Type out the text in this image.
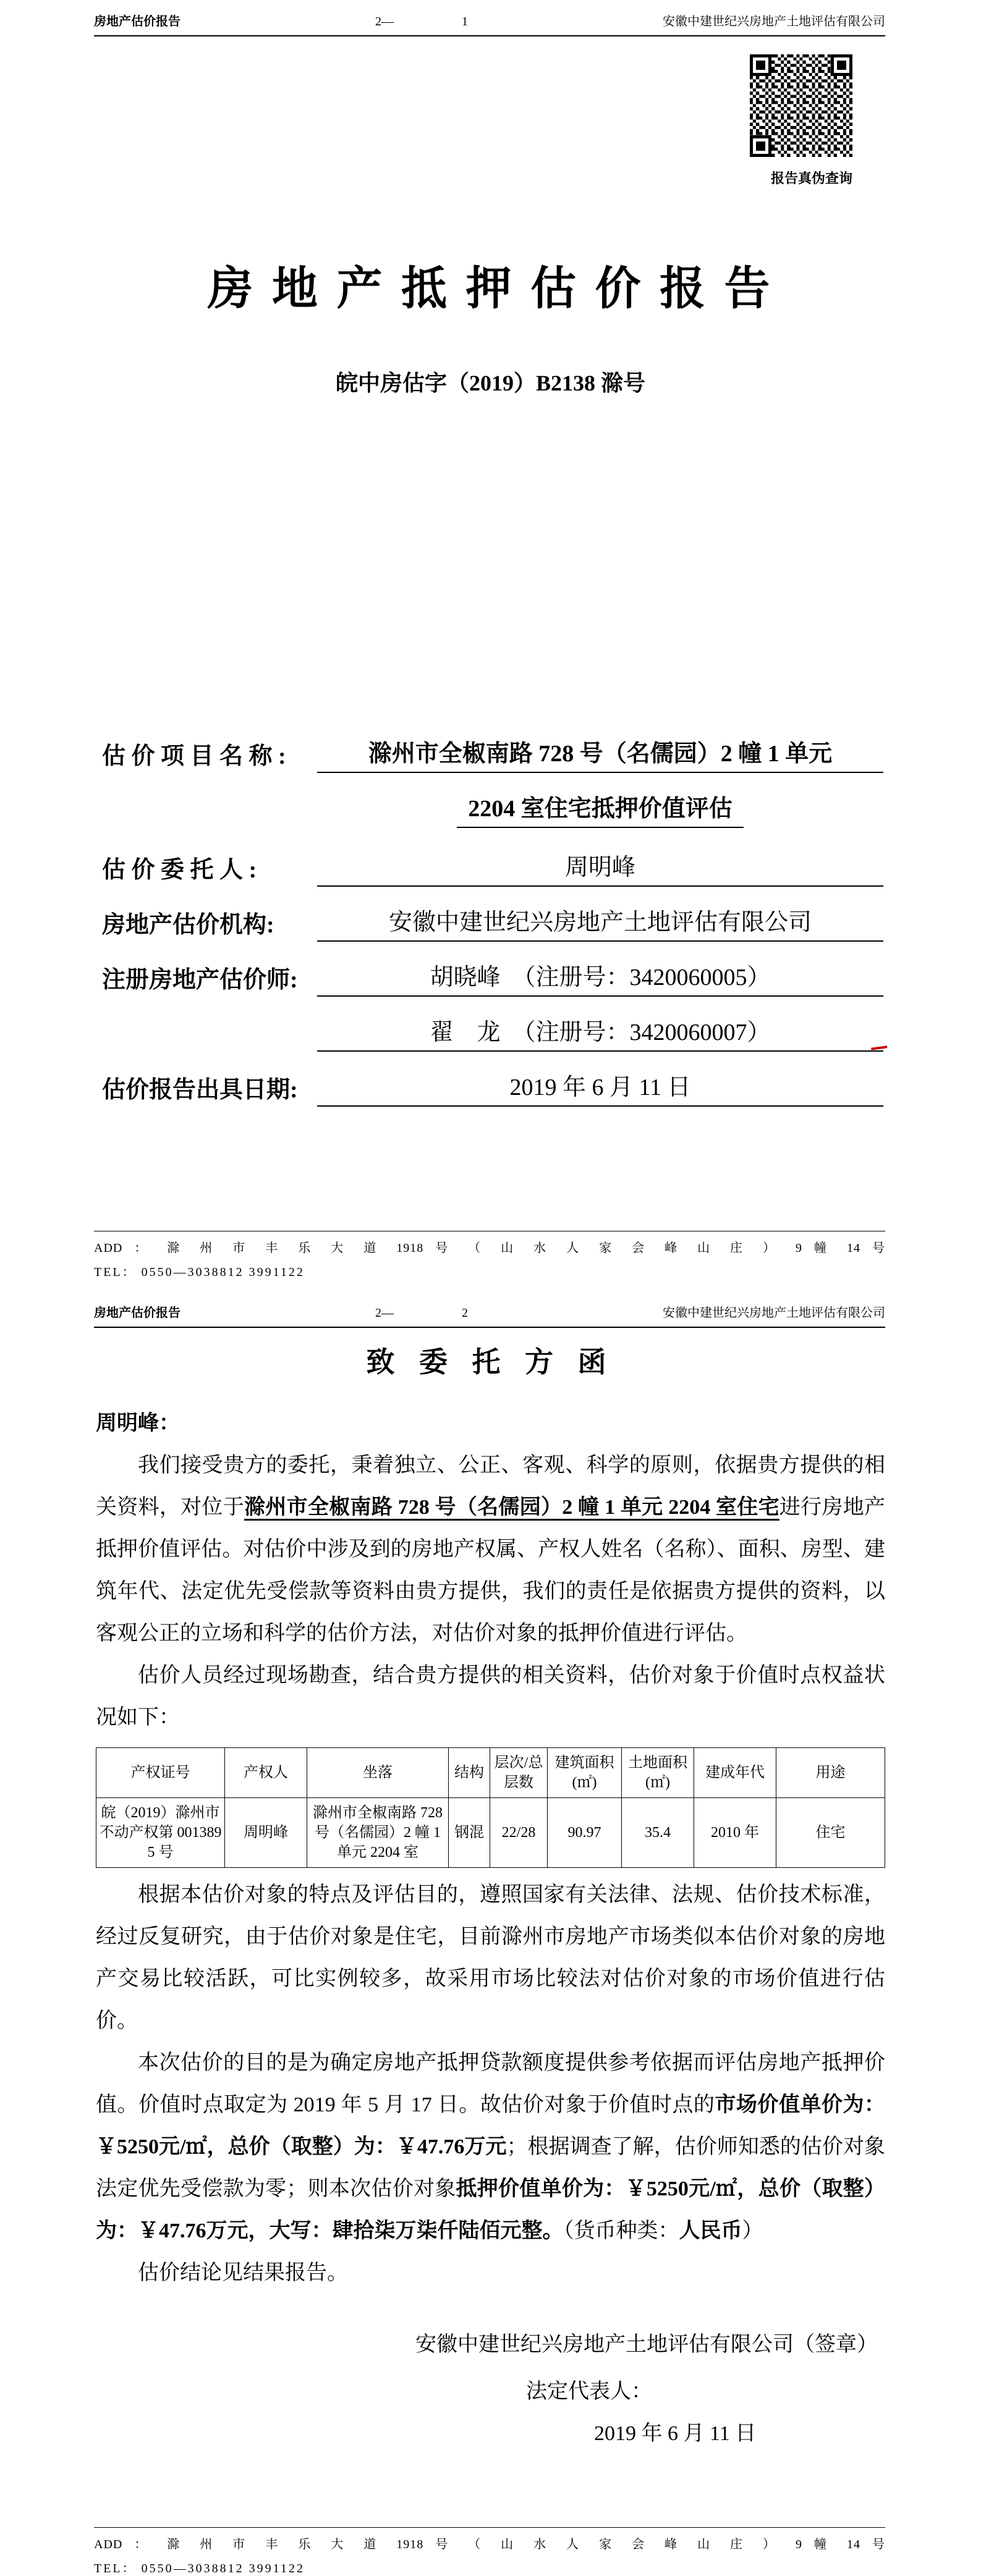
房地产估价报告	2—	1	安徽中建世纪兴房地产土地评估有限公司
报告真伪查询
房 地 产 抵 押 估 价 报 告
皖中房估字（2019）B2138 滁号
估 价 项 目 名 称 :	滁州市全椒南路 728 号（名儒园）2 幢 1 单元
2204 室住宅抵押价值评估
估 价 委 托 人 :	周明峰
房地产估价机构:	安徽中建世纪兴房地产土地评估有限公司
注册房地产估价师:	胡晓峰　（注册号：3420060005）
翟　龙　（注册号：3420060007）
估价报告出具日期:	2019 年 6 月 11 日
ADD ： 滁 州 市 丰 乐 大 道 1918 号 （ 山 水 人 家 会 峰 山 庄 ） 9 幢 14 号
TEL： 0550—3038812 3991122
房地产估价报告	2—	2	安徽中建世纪兴房地产土地评估有限公司
致 委 托 方 函
周明峰：

我们接受贵方的委托，秉着独立、公正、客观、科学的原则，依据贵方提供的相关资料，对位于滁州市全椒南路 728 号（名儒园）2 幢 1 单元 2204 室住宅进行房地产抵押价值评估。对估价中涉及到的房地产权属、产权人姓名（名称）、面积、房型、建筑年代、法定优先受偿款等资料由贵方提供，我们的责任是依据贵方提供的资料，以客观公正的立场和科学的估价方法，对估价对象的抵押价值进行评估。

估价人员经过现场勘查，结合贵方提供的相关资料，估价对象于价值时点权益状况如下：

产权证号	产权人	坐落	结构	层次/总层数	建筑面积(㎡)	土地面积(㎡)	建成年代	用途
皖（2019）滁州市不动产权第 0013895 号	周明峰	滁州市全椒南路 728 号（名儒园）2 幢 1 单元 2204 室	钢混	22/28	90.97	35.4	2010 年	住宅

根据本估价对象的特点及评估目的，遵照国家有关法律、法规、估价技术标准，经过反复研究，由于估价对象是住宅，目前滁州市房地产市场类似本估价对象的房地产交易比较活跃，可比实例较多，故采用市场比较法对估价对象的市场价值进行估价。

本次估价的目的是为确定房地产抵押贷款额度提供参考依据而评估房地产抵押价值。价值时点取定为 2019 年 5 月 17 日。故估价对象于价值时点的市场价值单价为：￥5250元/㎡，总价（取整）为：￥47.76万元；根据调查了解，估价师知悉的估价对象法定优先受偿款为零；则本次估价对象抵押价值单价为：￥5250元/㎡，总价（取整）为：￥47.76万元，大写：肆拾柒万柒仟陆佰元整。（货币种类：人民币）

估价结论见结果报告。

安徽中建世纪兴房地产土地评估有限公司（签章）
法定代表人：
2019 年 6 月 11 日
ADD ： 滁 州 市 丰 乐 大 道 1918 号 （ 山 水 人 家 会 峰 山 庄 ） 9 幢 14 号
TEL： 0550—3038812 3991122
